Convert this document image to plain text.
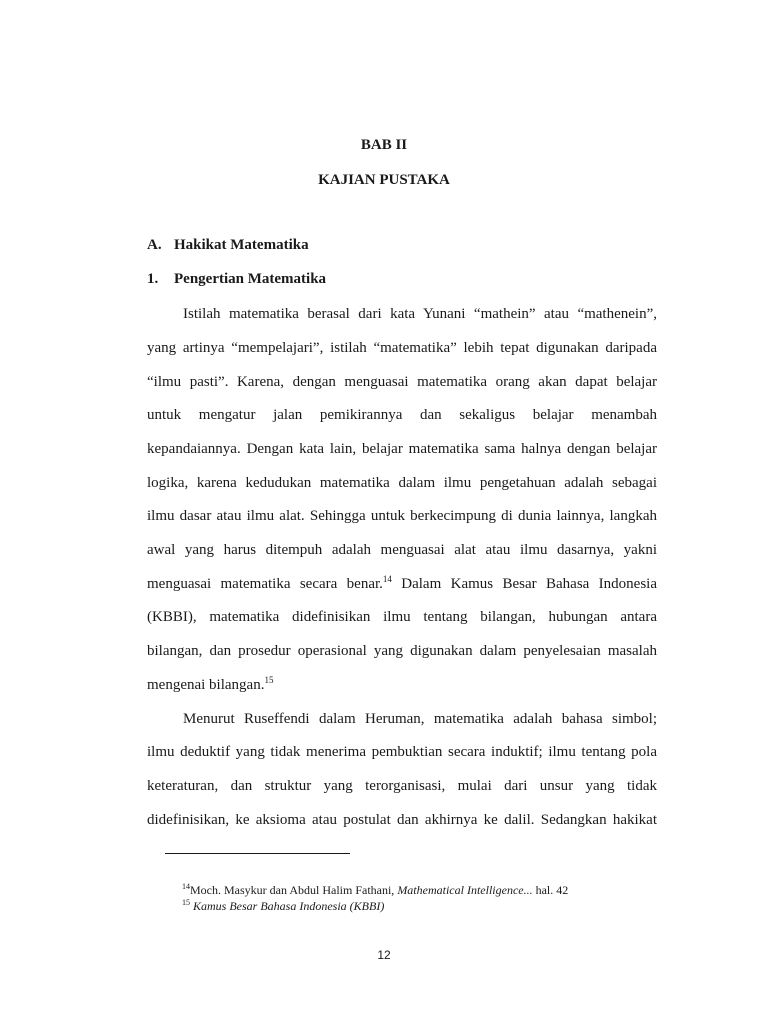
BAB II
KAJIAN PUSTAKA
A. Hakikat Matematika
1. Pengertian Matematika
Istilah matematika berasal dari kata Yunani “mathein” atau “mathenein”,
yang artinya “mempelajari”, istilah “matematika” lebih tepat digunakan daripada
“ilmu pasti”. Karena, dengan menguasai matematika orang akan dapat belajar
untuk mengatur jalan pemikirannya dan sekaligus belajar menambah
kepandaiannya. Dengan kata lain, belajar matematika sama halnya dengan belajar
logika, karena kedudukan matematika dalam ilmu pengetahuan adalah sebagai
ilmu dasar atau ilmu alat. Sehingga untuk berkecimpung di dunia lainnya, langkah
awal yang harus ditempuh adalah menguasai alat atau ilmu dasarnya, yakni
menguasai matematika secara benar.$^{14}$ Dalam Kamus Besar Bahasa Indonesia
(KBBI), matematika didefinisikan ilmu tentang bilangan, hubungan antara
bilangan, dan prosedur operasional yang digunakan dalam penyelesaian masalah
mengenai bilangan.$^{15}$
Menurut Ruseffendi dalam Heruman, matematika adalah bahasa simbol;
ilmu deduktif yang tidak menerima pembuktian secara induktif; ilmu tentang pola
keteraturan, dan struktur yang terorganisasi, mulai dari unsur yang tidak
didefinisikan, ke aksioma atau postulat dan akhirnya ke dalil. Sedangkan hakikat
$^{14}$Moch. Masykur dan Abdul Halim Fathani, Mathematical Intelligence... hal. 42
$^{15}$ Kamus Besar Bahasa Indonesia (KBBI)
12
